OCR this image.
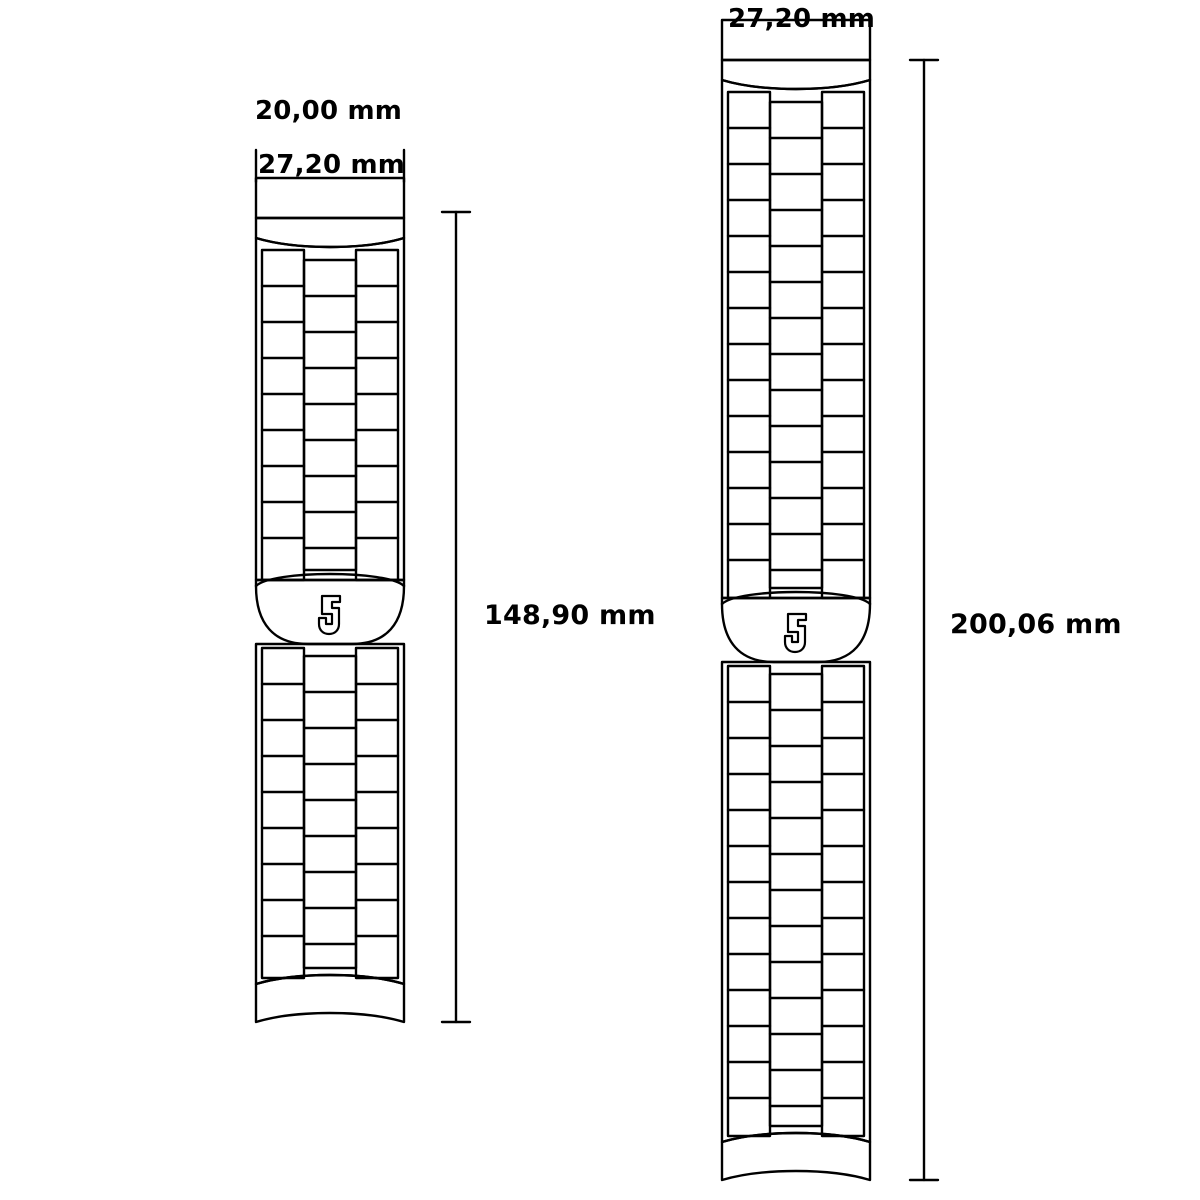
20,00 mm
27,20 mm
148,90 mm
27,20 mm
200,06 mm
